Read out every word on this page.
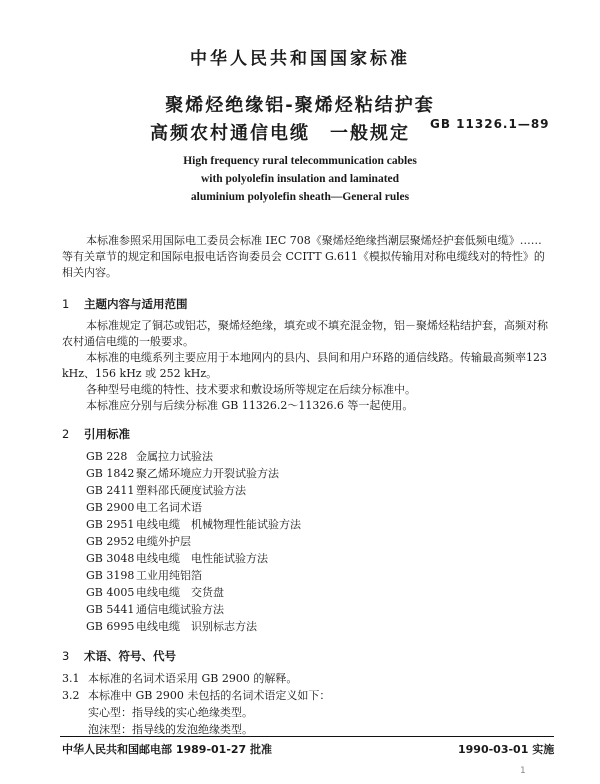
中华人民共和国国家标准
聚烯烃绝缘铝-聚烯烃粘结护套
高频农村通信电缆　一般规定	GB 11326.1—89
High frequency rural telecommunication cables
with polyolefin insulation and laminated
aluminium polyolefin sheath—General rules
本标准参照采用国际电工委员会标准 IEC 708《聚烯烃绝缘挡潮层聚烯烃护套低频电缆》……等有关章节的规定和国际电报电话咨询委员会 CCITT G.611《模拟传输用对称电缆线对的特性》的相关内容。
1 主题内容与适用范围

本标准规定了铜芯或铝芯，聚烯烃绝缘，填充或不填充混金物，铝－聚烯烃粘结护套，高频对称农村通信电缆的一般要求。

本标准的电缆系列主要应用于本地网内的县内、县间和用户环路的通信线路。传输最高频率123 kHz、156 kHz 或 252 kHz。

各种型号电缆的特性、技术要求和敷设场所等规定在后续分标准中。

本标准应分别与后续分标准 GB 11326.2～11326.6 等一起使用。

2 引用标准
GB 228 金属拉力试验法
GB 1842 聚乙烯环境应力开裂试验方法
GB 2411 塑料邵氏硬度试验方法
GB 2900 电工名词术语
GB 2951 电线电缆　机械物理性能试验方法
GB 2952 电缆外护层
GB 3048 电线电缆　电性能试验方法
GB 3198 工业用纯铝箔
GB 4005 电线电缆　交货盘
GB 5441 通信电缆试验方法
GB 6995 电线电缆　识别标志方法
3 术语、符号、代号
3.1 本标准的名词术语采用 GB 2900 的解释。
3.2 本标准中 GB 2900 未包括的名词术语定义如下：
实心型：指导线的实心绝缘类型。
泡沫型：指导线的发泡绝缘类型。
中华人民共和国邮电部 1989-01-27 批准	1990-03-01 实施
1
